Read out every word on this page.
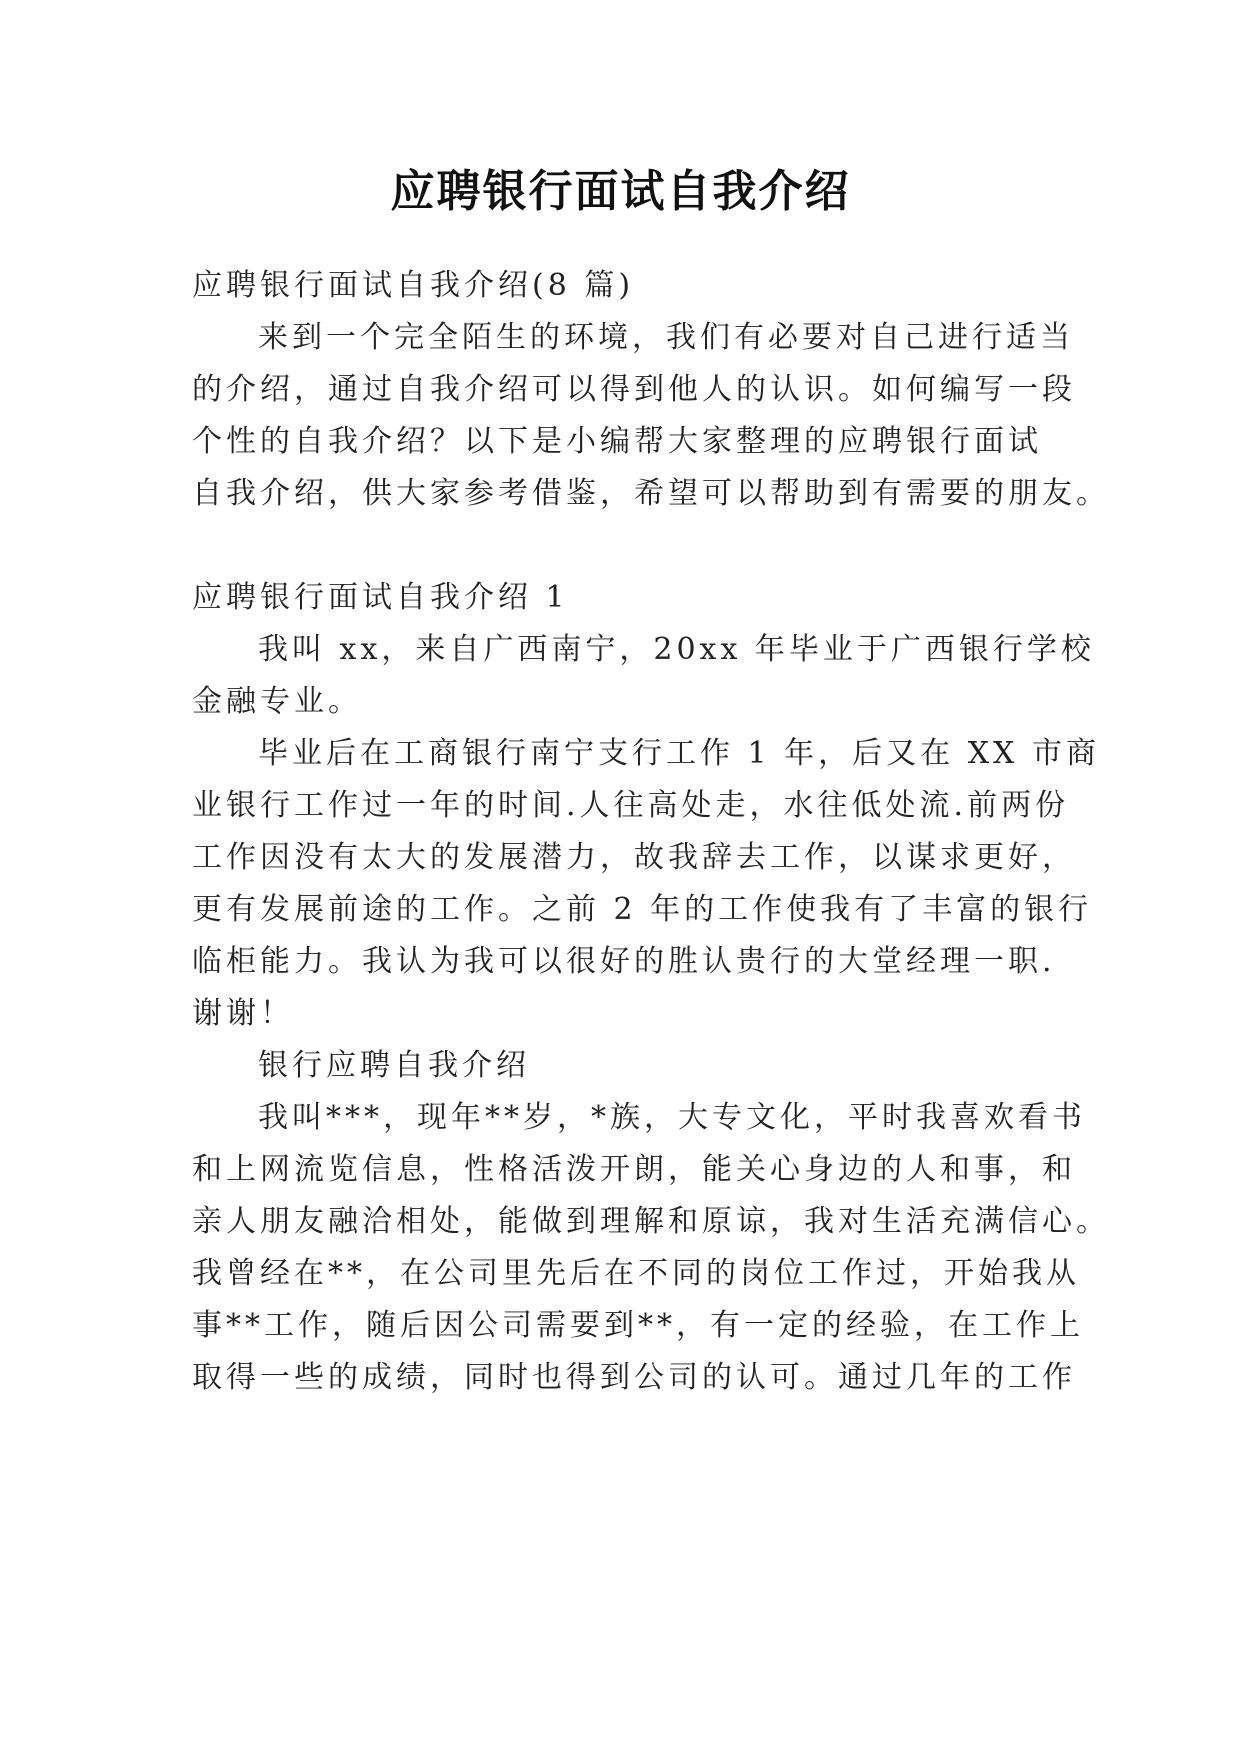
应聘银行面试自我介绍
应聘银行面试自我介绍(8 篇)
来到一个完全陌生的环境，我们有必要对自己进行适当
的介绍，通过自我介绍可以得到他人的认识。如何编写一段
个性的自我介绍？以下是小编帮大家整理的应聘银行面试
自我介绍，供大家参考借鉴，希望可以帮助到有需要的朋友。
应聘银行面试自我介绍 1
我叫 xx，来自广西南宁，20xx 年毕业于广西银行学校
金融专业。
毕业后在工商银行南宁支行工作 1 年，后又在 XX 市商
业银行工作过一年的时间.人往高处走，水往低处流.前两份
工作因没有太大的发展潜力，故我辞去工作，以谋求更好，
更有发展前途的工作。之前 2 年的工作使我有了丰富的银行
临柜能力。我认为我可以很好的胜认贵行的大堂经理一职.
谢谢！
银行应聘自我介绍
我叫***，现年**岁，*族，大专文化，平时我喜欢看书
和上网流览信息，性格活泼开朗，能关心身边的人和事，和
亲人朋友融洽相处，能做到理解和原谅，我对生活充满信心。
我曾经在**，在公司里先后在不同的岗位工作过，开始我从
事**工作，随后因公司需要到**，有一定的经验，在工作上
取得一些的成绩，同时也得到公司的认可。通过几年的工作
